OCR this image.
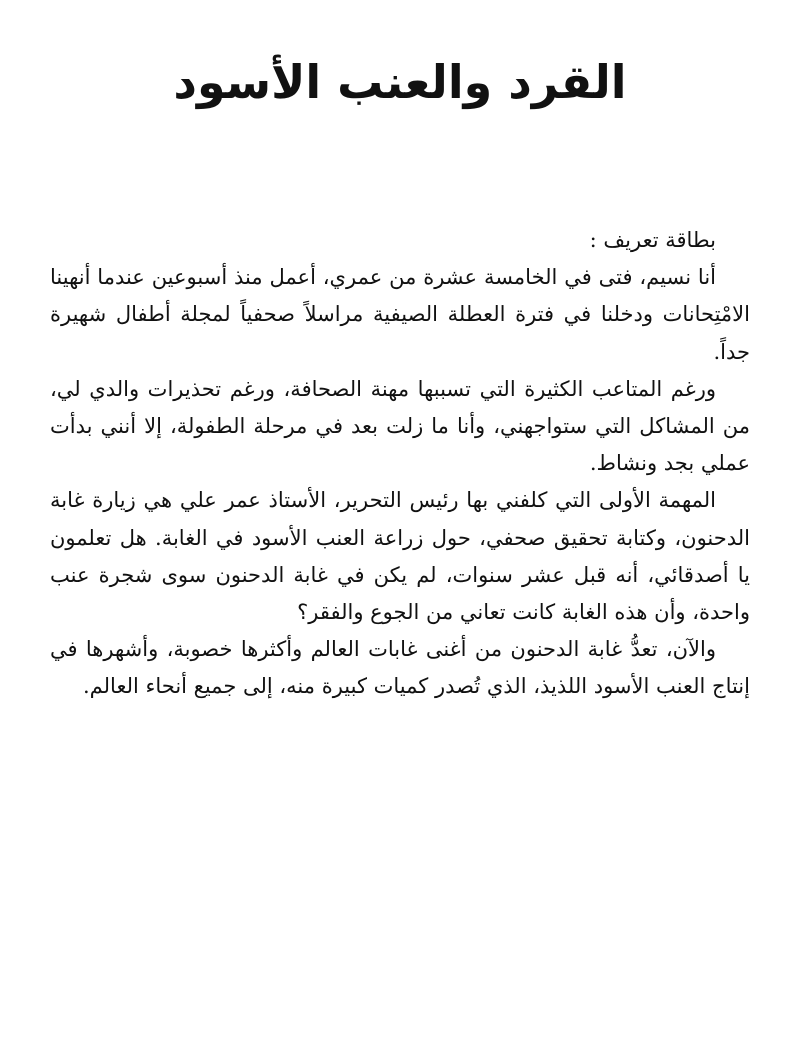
القرد والعنب الأسود

بطاقة تعريف :

أنا نسيم، فتى في الخامسة عشرة من عمري، أعمل منذ أسبوعين عندما أنهينا الامْتِحانات ودخلنا في فترة العطلة الصيفية مراسلاً صحفياً لمجلة أطفال شهيرة جداً.

ورغم المتاعب الكثيرة التي تسببها مهنة الصحافة، ورغم تحذيرات والدي لي، من المشاكل التي ستواجهني، وأنا ما زلت بعد في مرحلة الطفولة، إلا أنني بدأت عملي بجد ونشاط.

المهمة الأولى التي كلفني بها رئيس التحرير، الأستاذ عمر علي هي زيارة غابة الدحنون، وكتابة تحقيق صحفي، حول زراعة العنب الأسود في الغابة. هل تعلمون يا أصدقائي، أنه قبل عشر سنوات، لم يكن في غابة الدحنون سوى شجرة عنب واحدة، وأن هذه الغابة كانت تعاني من الجوع والفقر؟

والآن، تعدُّ غابة الدحنون من أغنى غابات العالم وأكثرها خصوبة، وأشهرها في إنتاج العنب الأسود اللذيذ، الذي تُصدر كميات كبيرة منه، إلى جميع أنحاء العالم.
